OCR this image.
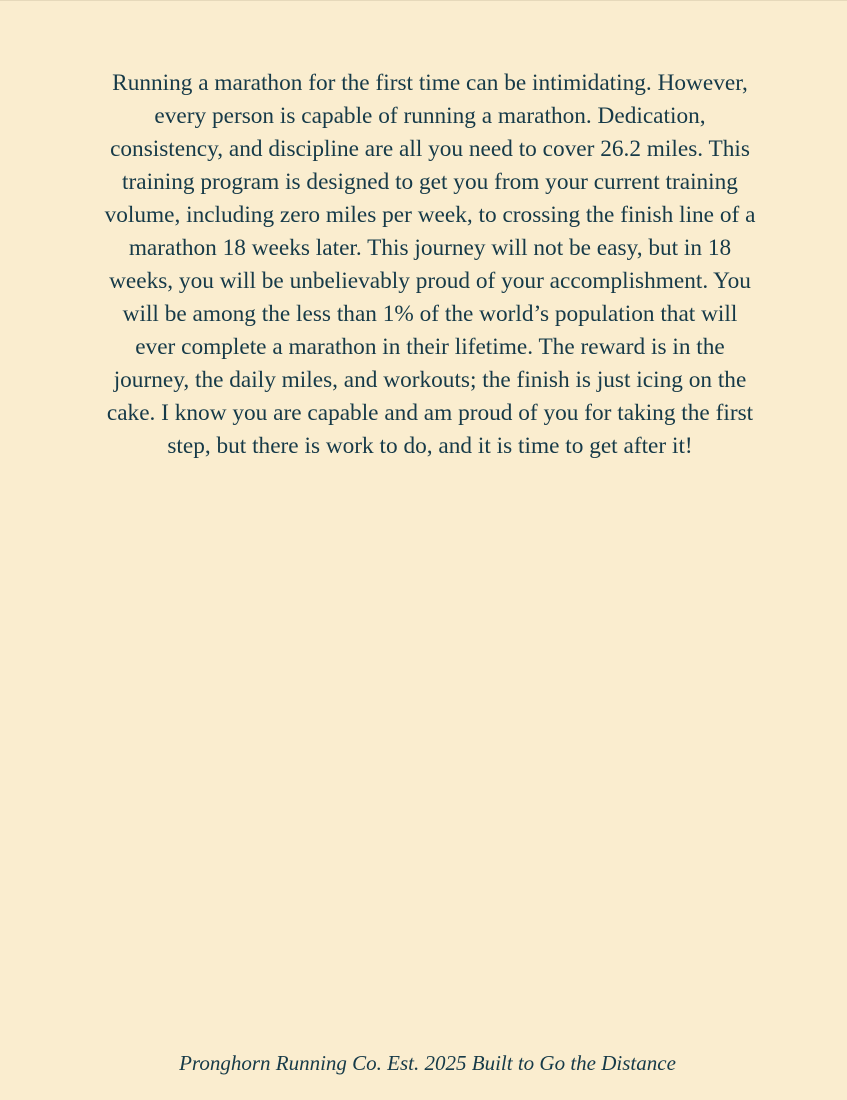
Running a marathon for the first time can be intimidating. However, every person is capable of running a marathon. Dedication, consistency, and discipline are all you need to cover 26.2 miles. This training program is designed to get you from your current training volume, including zero miles per week, to crossing the finish line of a marathon 18 weeks later. This journey will not be easy, but in 18 weeks, you will be unbelievably proud of your accomplishment. You will be among the less than 1% of the world’s population that will ever complete a marathon in their lifetime. The reward is in the journey, the daily miles, and workouts; the finish is just icing on the cake. I know you are capable and am proud of you for taking the first step, but there is work to do, and it is time to get after it!

Pronghorn Running Co. Est. 2025 Built to Go the Distance
